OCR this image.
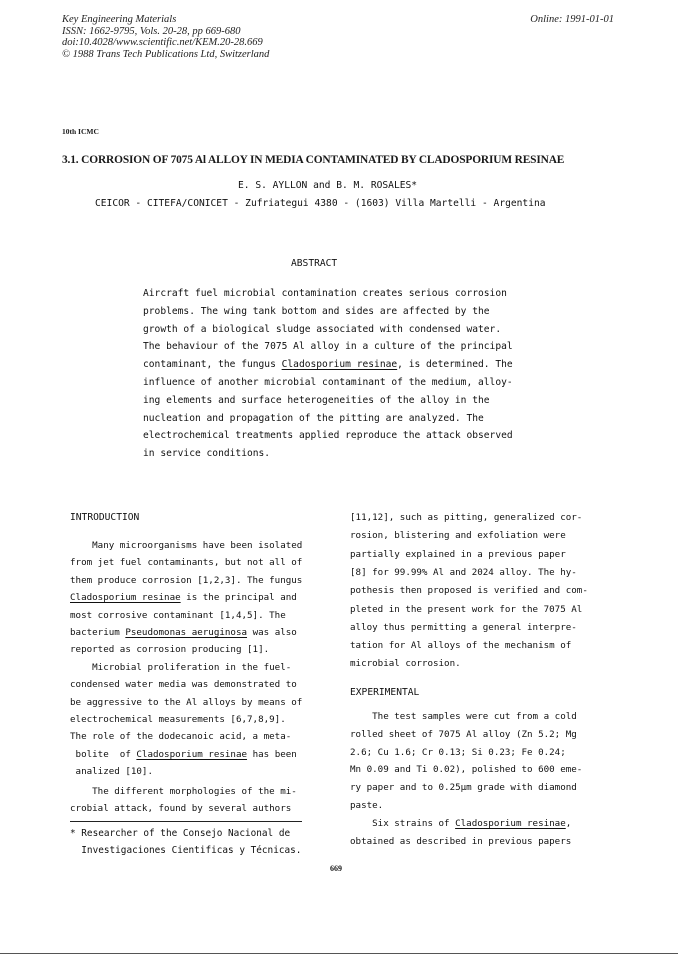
Key Engineering Materials
ISSN: 1662-9795, Vols. 20-28, pp 669-680
doi:10.4028/www.scientific.net/KEM.20-28.669
© 1988 Trans Tech Publications Ltd, Switzerland
Online: 1991-01-01
10th ICMC
3.1. CORROSION OF 7075 Al ALLOY IN MEDIA CONTAMINATED BY CLADOSPORIUM RESINAE
E. S. AYLLON and B. M. ROSALES*
CEICOR - CITEFA/CONICET - Zufriategui 4380 - (1603) Villa Martelli - Argentina
ABSTRACT
Aircraft fuel microbial contamination creates serious corrosion
problems. The wing tank bottom and sides are affected by the
growth of a biological sludge associated with condensed water.
The behaviour of the 7075 Al alloy in a culture of the principal
contaminant, the fungus Cladosporium resinae, is determined. The
influence of another microbial contaminant of the medium, alloy-
ing elements and surface heterogeneities of the alloy in the
nucleation and propagation of the pitting are analyzed. The
electrochemical treatments applied reproduce the attack observed
in service conditions.
INTRODUCTION
Many microorganisms have been isolated
from jet fuel contaminants, but not all of
them produce corrosion [1,2,3]. The fungus
Cladosporium resinae is the principal and
most corrosive contaminant [1,4,5]. The
bacterium Pseudomonas aeruginosa was also
reported as corrosion producing [1].
Microbial proliferation in the fuel-
condensed water media was demonstrated to
be aggressive to the Al alloys by means of
electrochemical measurements [6,7,8,9].
The role of the dodecanoic acid, a meta-
bolite  of Cladosporium resinae has been
analized [10].
The different morphologies of the mi-
crobial attack, found by several authors
* Researcher of the Consejo Nacional de
Investigaciones Cientificas y Técnicas.
[11,12], such as pitting, generalized cor-
rosion, blistering and exfoliation were
partially explained in a previous paper
[8] for 99.99% Al and 2024 alloy. The hy-
pothesis then proposed is verified and com-
pleted in the present work for the 7075 Al
alloy thus permitting a general interpre-
tation for Al alloys of the mechanism of
microbial corrosion.
EXPERIMENTAL
The test samples were cut from a cold
rolled sheet of 7075 Al alloy (Zn 5.2; Mg
2.6; Cu 1.6; Cr 0.13; Si 0.23; Fe 0.24;
Mn 0.09 and Ti 0.02), polished to 600 eme-
ry paper and to 0.25μm grade with diamond
paste.
Six strains of Cladosporium resinae,
obtained as described in previous papers
669
